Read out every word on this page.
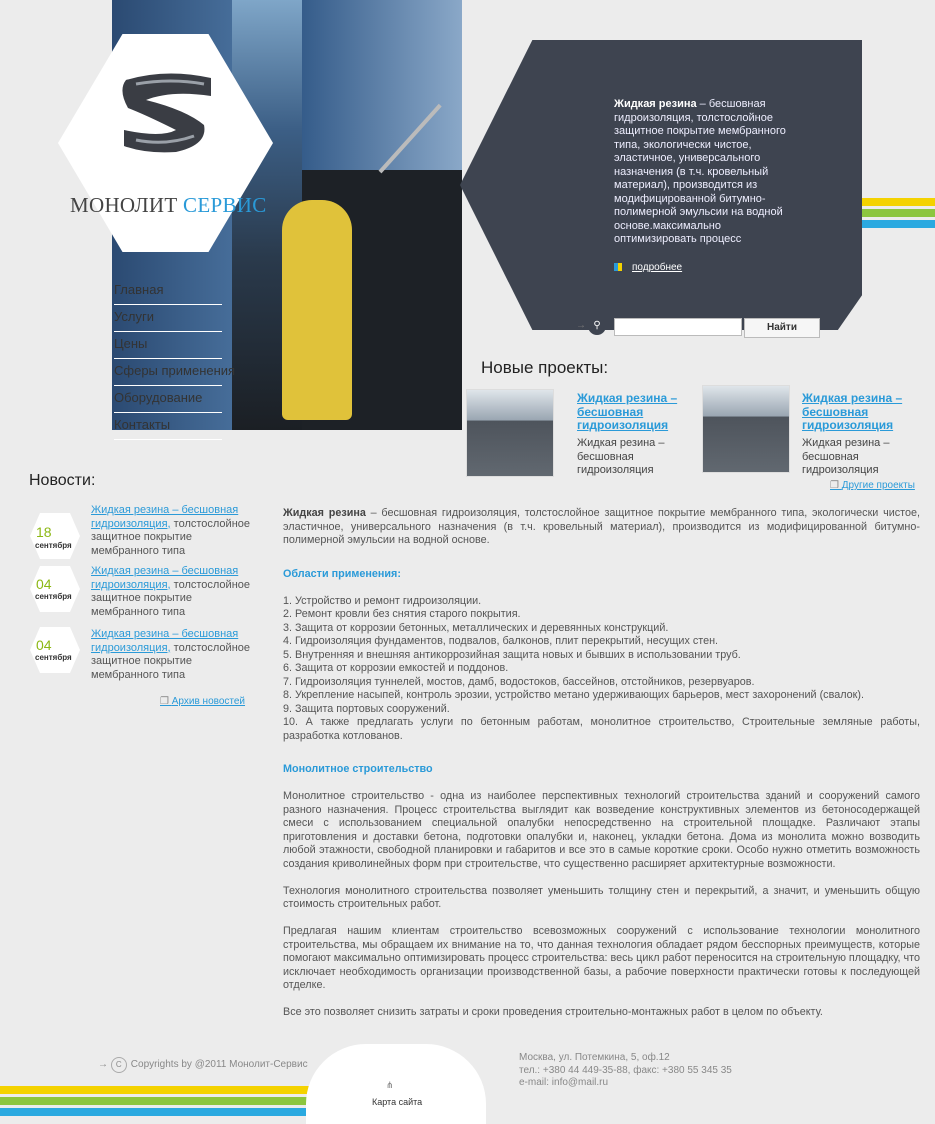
МОНОЛИТ СЕРВИС
Жидкая резина – бесшовная гидроизоляция, толстослойное защитное покрытие мембранного типа, экологически чистое, эластичное, универсального назначения (в т.ч. кровельный материал), производится из модифицированной битумно-полимерной эмульсии на водной основе.максимально оптимизировать процесс
подробнее
Главная
Услуги
Цены
Сферы применения
Оборудование
Контакты
→ ⚲	Найти
Новые проекты:
Жидкая резина – бесшовная гидроизоляция
Жидкая резина – бесшовная гидроизоляция
Жидкая резина – бесшовная гидроизоляция
Жидкая резина – бесшовная гидроизоляция
❐ Другие проекты
Новости:
18
сентября
Жидкая резина – бесшовная гидроизоляция, толстослойное защитное покрытие мембранного типа
04
сентября
Жидкая резина – бесшовная гидроизоляция, толстослойное защитное покрытие мембранного типа
04
сентября
Жидкая резина – бесшовная гидроизоляция, толстослойное защитное покрытие мембранного типа
❐ Архив новостей

Жидкая резина – бесшовная гидроизоляция, толстослойное защитное покрытие мембранного типа, экологически чистое, эластичное, универсального назначения (в т.ч. кровельный материал), производится из модифицированной битумно-полимерной эмульсии на водной основе.

Области применения:
1. Устройство и ремонт гидроизоляции.
2. Ремонт кровли без снятия старого покрытия.
3. Защита от коррозии бетонных, металлических и деревянных конструкций.
4. Гидроизоляция фундаментов, подвалов, балконов, плит перекрытий, несущих стен.
5. Внутренняя и внешняя антикоррозийная защита новых и бывших в использовании труб.
6. Защита от коррозии емкостей и поддонов.
7. Гидроизоляция туннелей, мостов, дамб, водостоков, бассейнов, отстойников, резервуаров.
8. Укрепление насыпей, контроль эрозии, устройство метано удерживающих барьеров, мест захоронений (свалок).
9. Защита портовых сооружений.
10. А также предлагать услуги по бетонным работам, монолитное строительство, Строительные земляные работы, разработка котлованов.
Монолитное строительство

Монолитное строительство - одна из наиболее перспективных технологий строительства зданий и сооружений самого разного назначения. Процесс строительства выглядит как возведение конструктивных элементов из бетоносодержащей смеси с использованием специальной опалубки непосредственно на строительной площадке. Различают этапы приготовления и доставки бетона, подготовки опалубки и, наконец, укладки бетона. Дома из монолита можно возводить любой этажности, свободной планировки и габаритов и все это в самые короткие сроки. Особо нужно отметить возможность создания криволинейных форм при строительстве, что существенно расширяет архитектурные возможности.

Технология монолитного строительства позволяет уменьшить толщину стен и перекрытий, а значит, и уменьшить общую стоимость строительных работ.

Предлагая нашим клиентам строительство всевозможных сооружений с использование технологии монолитного строительства, мы обращаем их внимание на то, что данная технология обладает рядом бесспорных преимуществ, которые помогают максимально оптимизировать процесс строительства: весь цикл работ переносится на строительную площадку, что исключает необходимость организации производственной базы, а рабочие поверхности практически готовы к последующей отделке.

Все это позволяет снизить затраты и сроки проведения строительно-монтажных работ в целом по объекту.

→ C Copyrights by @2011 Монолит-Сервис
⋔
Карта сайта
Москва, ул. Потемкина, 5, оф.12
тел.: +380 44 449-35-88, факс: +380 55 345 35
e-mail: info@mail.ru
